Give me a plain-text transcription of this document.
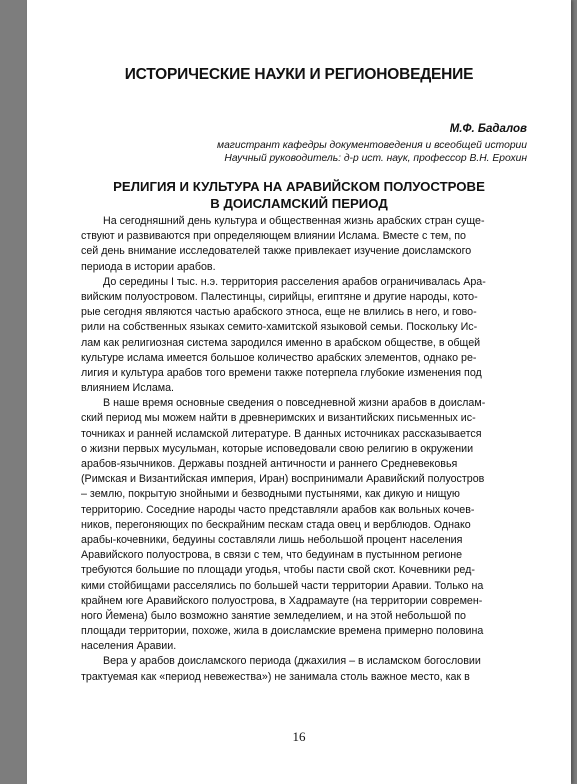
ИСТОРИЧЕСКИЕ НАУКИ И РЕГИОНОВЕДЕНИЕ
М.Ф. Бадалов
магистрант кафедры документоведения и всеобщей истории
Научный руководитель: д-р ист. наук, профессор В.Н. Ерохин
РЕЛИГИЯ И КУЛЬТУРА НА АРАВИЙСКОМ ПОЛУОСТРОВЕ
В ДОИСЛАМСКИЙ ПЕРИОД
На сегодняшний день культура и общественная жизнь арабских стран суще-
ствуют и развиваются при определяющем влиянии Ислама. Вместе с тем, по
сей день внимание исследователей также привлекает изучение доисламского
периода в истории арабов.
До середины I тыс. н.э. территория расселения арабов ограничивалась Ара-
вийским полуостровом. Палестинцы, сирийцы, египтяне и другие народы, кото-
рые сегодня являются частью арабского этноса, еще не влились в него, и гово-
рили на собственных языках семито-хамитской языковой семьи. Поскольку Ис-
лам как религиозная система зародился именно в арабском обществе, в общей
культуре ислама имеется большое количество арабских элементов, однако ре-
лигия и культура арабов того времени также потерпела глубокие изменения под
влиянием Ислама.
В наше время основные сведения о повседневной жизни арабов в доислам-
ский период мы можем найти в древнеримских и византийских письменных ис-
точниках и ранней исламской литературе. В данных источниках рассказывается
о жизни первых мусульман, которые исповедовали свою религию в окружении
арабов-язычников. Державы поздней античности и раннего Средневековья
(Римская и Византийская империя, Иран) воспринимали Аравийский полуостров
– землю, покрытую знойными и безводными пустынями, как дикую и нищую
территорию. Соседние народы часто представляли арабов как вольных кочев-
ников, перегоняющих по бескрайним пескам стада овец и верблюдов. Однако
арабы-кочевники, бедуины составляли лишь небольшой процент населения
Аравийского полуострова, в связи с тем, что бедуинам в пустынном регионе
требуются большие по площади угодья, чтобы пасти свой скот. Кочевники ред-
кими стойбищами расселялись по большей части территории Аравии. Только на
крайнем юге Аравийского полуострова, в Хадрамауте (на территории современ-
ного Йемена) было возможно занятие земледелием, и на этой небольшой по
площади территории, похоже, жила в доисламские времена примерно половина
населения Аравии.
Вера у арабов доисламского периода (джахилия – в исламском богословии
трактуемая как «период невежества») не занимала столь важное место, как в
16
